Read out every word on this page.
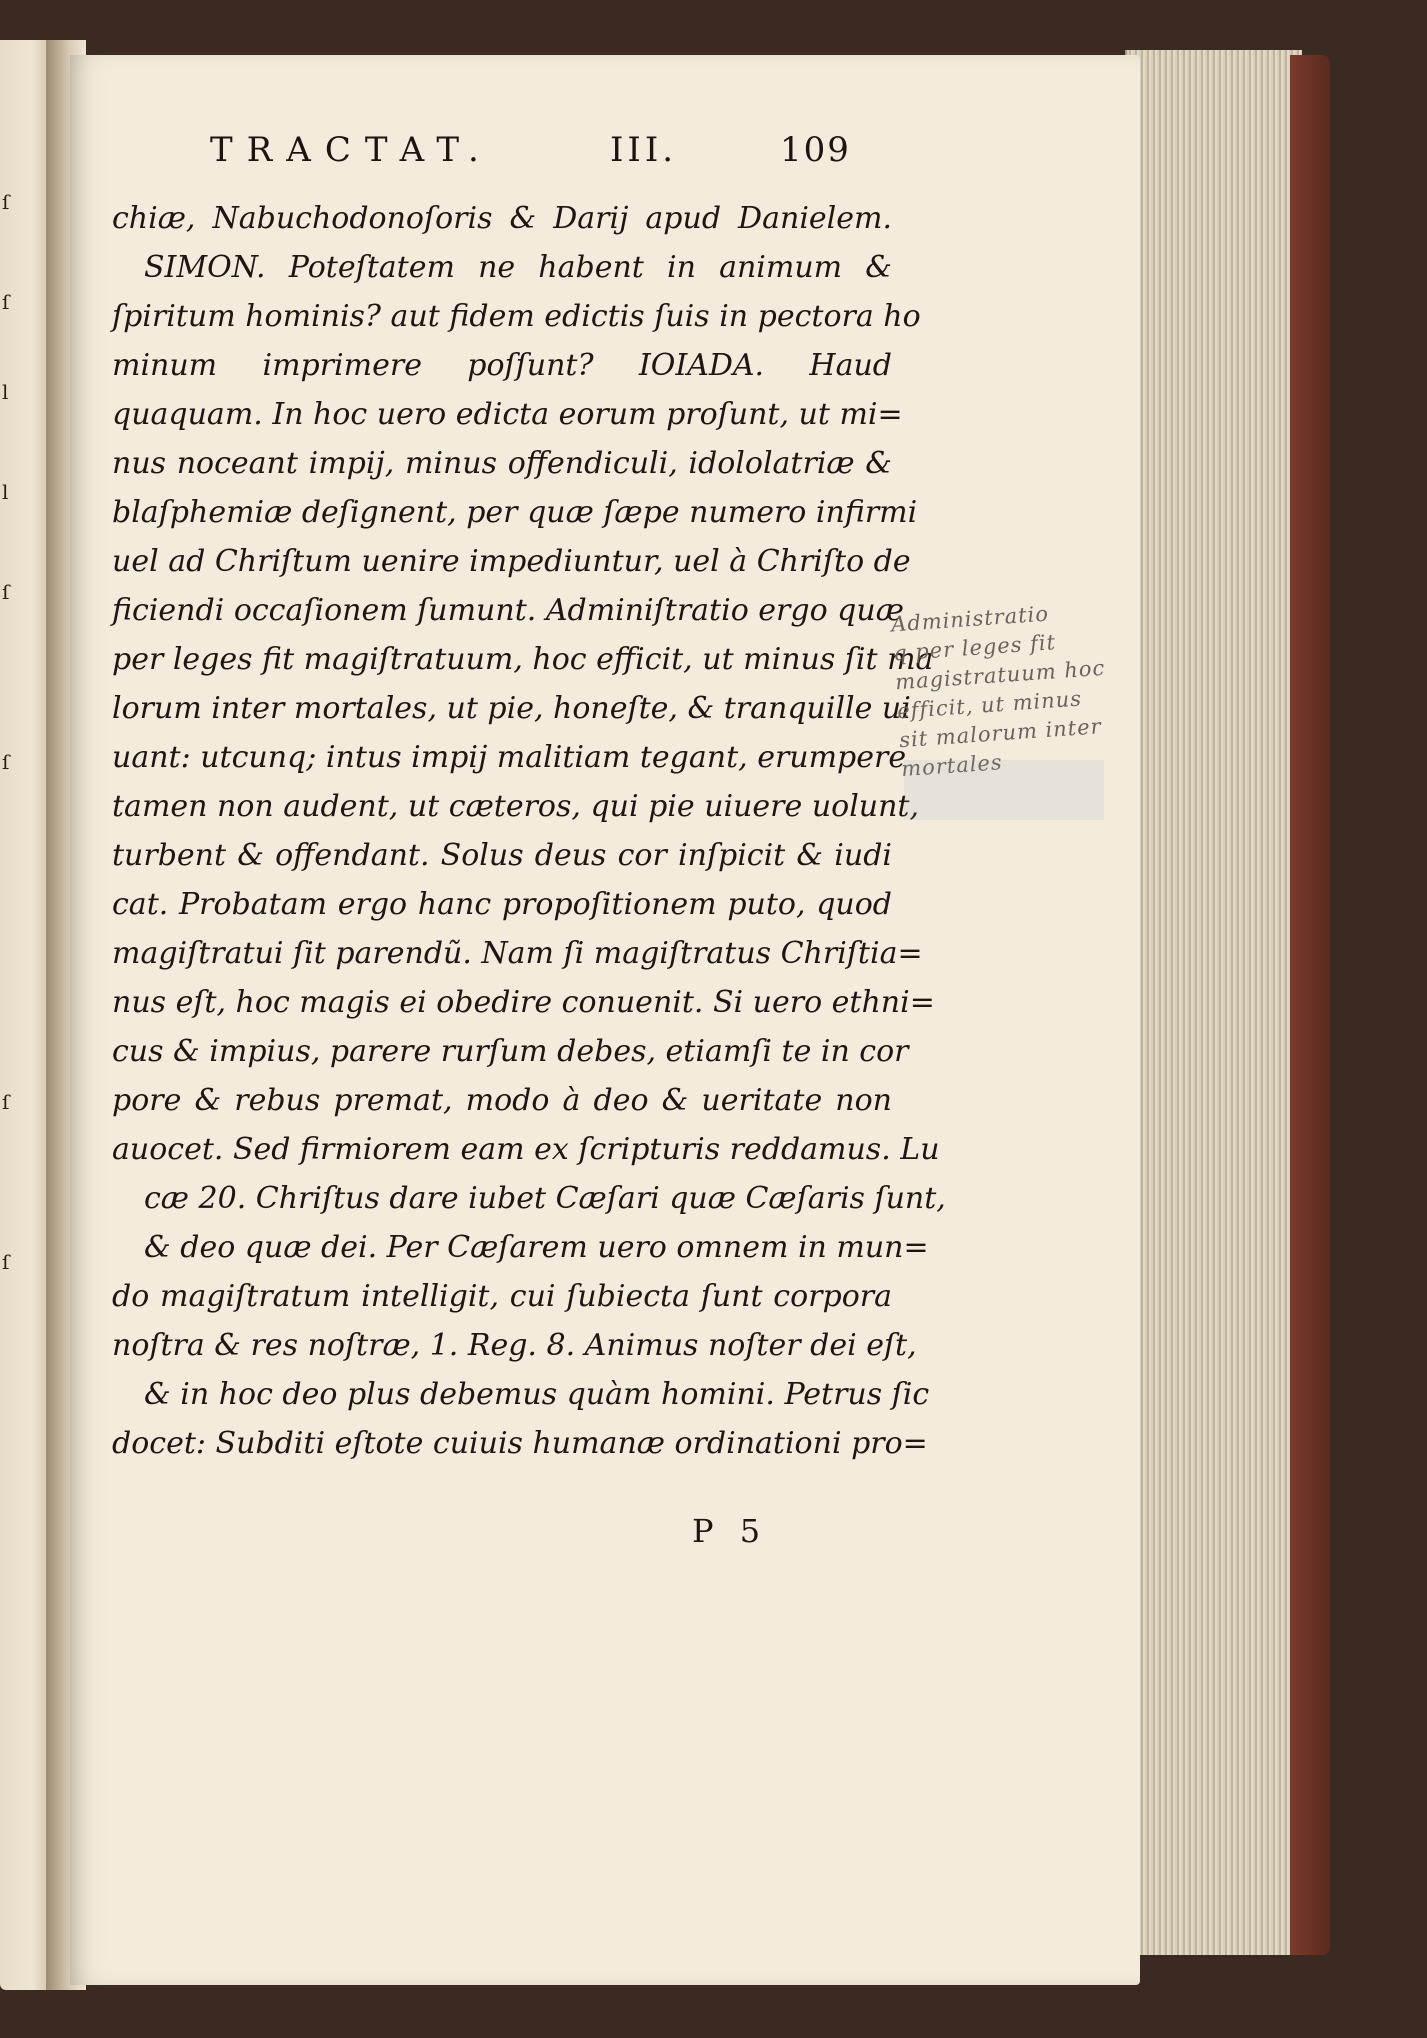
ſ
ſ
l
l
ſ
ſ
ſ
ſ
TRACTAT.	III.	109
chiæ, Nabuchodonoſoris & Darij apud Danielem.
SIMON. Poteſtatem ne habent in animum &
ſpiritum hominis? aut fidem edictis ſuis in pectora ho
minum imprimere poſſunt? IOIADA. Haud
quaquam. In hoc uero edicta eorum proſunt, ut mi=
nus noceant impij, minus offendiculi, idololatriæ &
blaſphemiæ deſignent, per quæ ſæpe numero infirmi
uel ad Chriſtum uenire impediuntur, uel à Chriſto de
ficiendi occaſionem ſumunt. Adminiſtratio ergo quæ
per leges fit magiſtratuum, hoc efficit, ut minus ſit ma
lorum inter mortales, ut pie, honeſte, & tranquille ui
uant: utcunq; intus impij malitiam tegant, erumpere
tamen non audent, ut cæteros, qui pie uiuere uolunt,
turbent & offendant. Solus deus cor inſpicit & iudi
cat. Probatam ergo hanc propoſitionem puto, quod
magiſtratui ſit parendũ. Nam ſi magiſtratus Chriſtia=
nus eſt, hoc magis ei obedire conuenit. Si uero ethni=
cus & impius, parere rurſum debes, etiamſi te in cor
pore & rebus premat, modo à deo & ueritate non
auocet. Sed firmiorem eam ex ſcripturis reddamus. Lu
cæ 20. Chriſtus dare iubet Cæſari quæ Cæſaris ſunt,
& deo quæ dei. Per Cæſarem uero omnem in mun=
do magiſtratum intelligit, cui ſubiecta ſunt corpora
noſtra & res noſtræ, 1. Reg. 8. Animus noſter dei eſt,
& in hoc deo plus debemus quàm homini. Petrus ſic
docet: Subditi eſtote cuiuis humanæ ordinationi pro=
P 5
Administratio
q per leges fit
magistratuum hoc
efficit, ut minus
sit malorum inter
mortales
